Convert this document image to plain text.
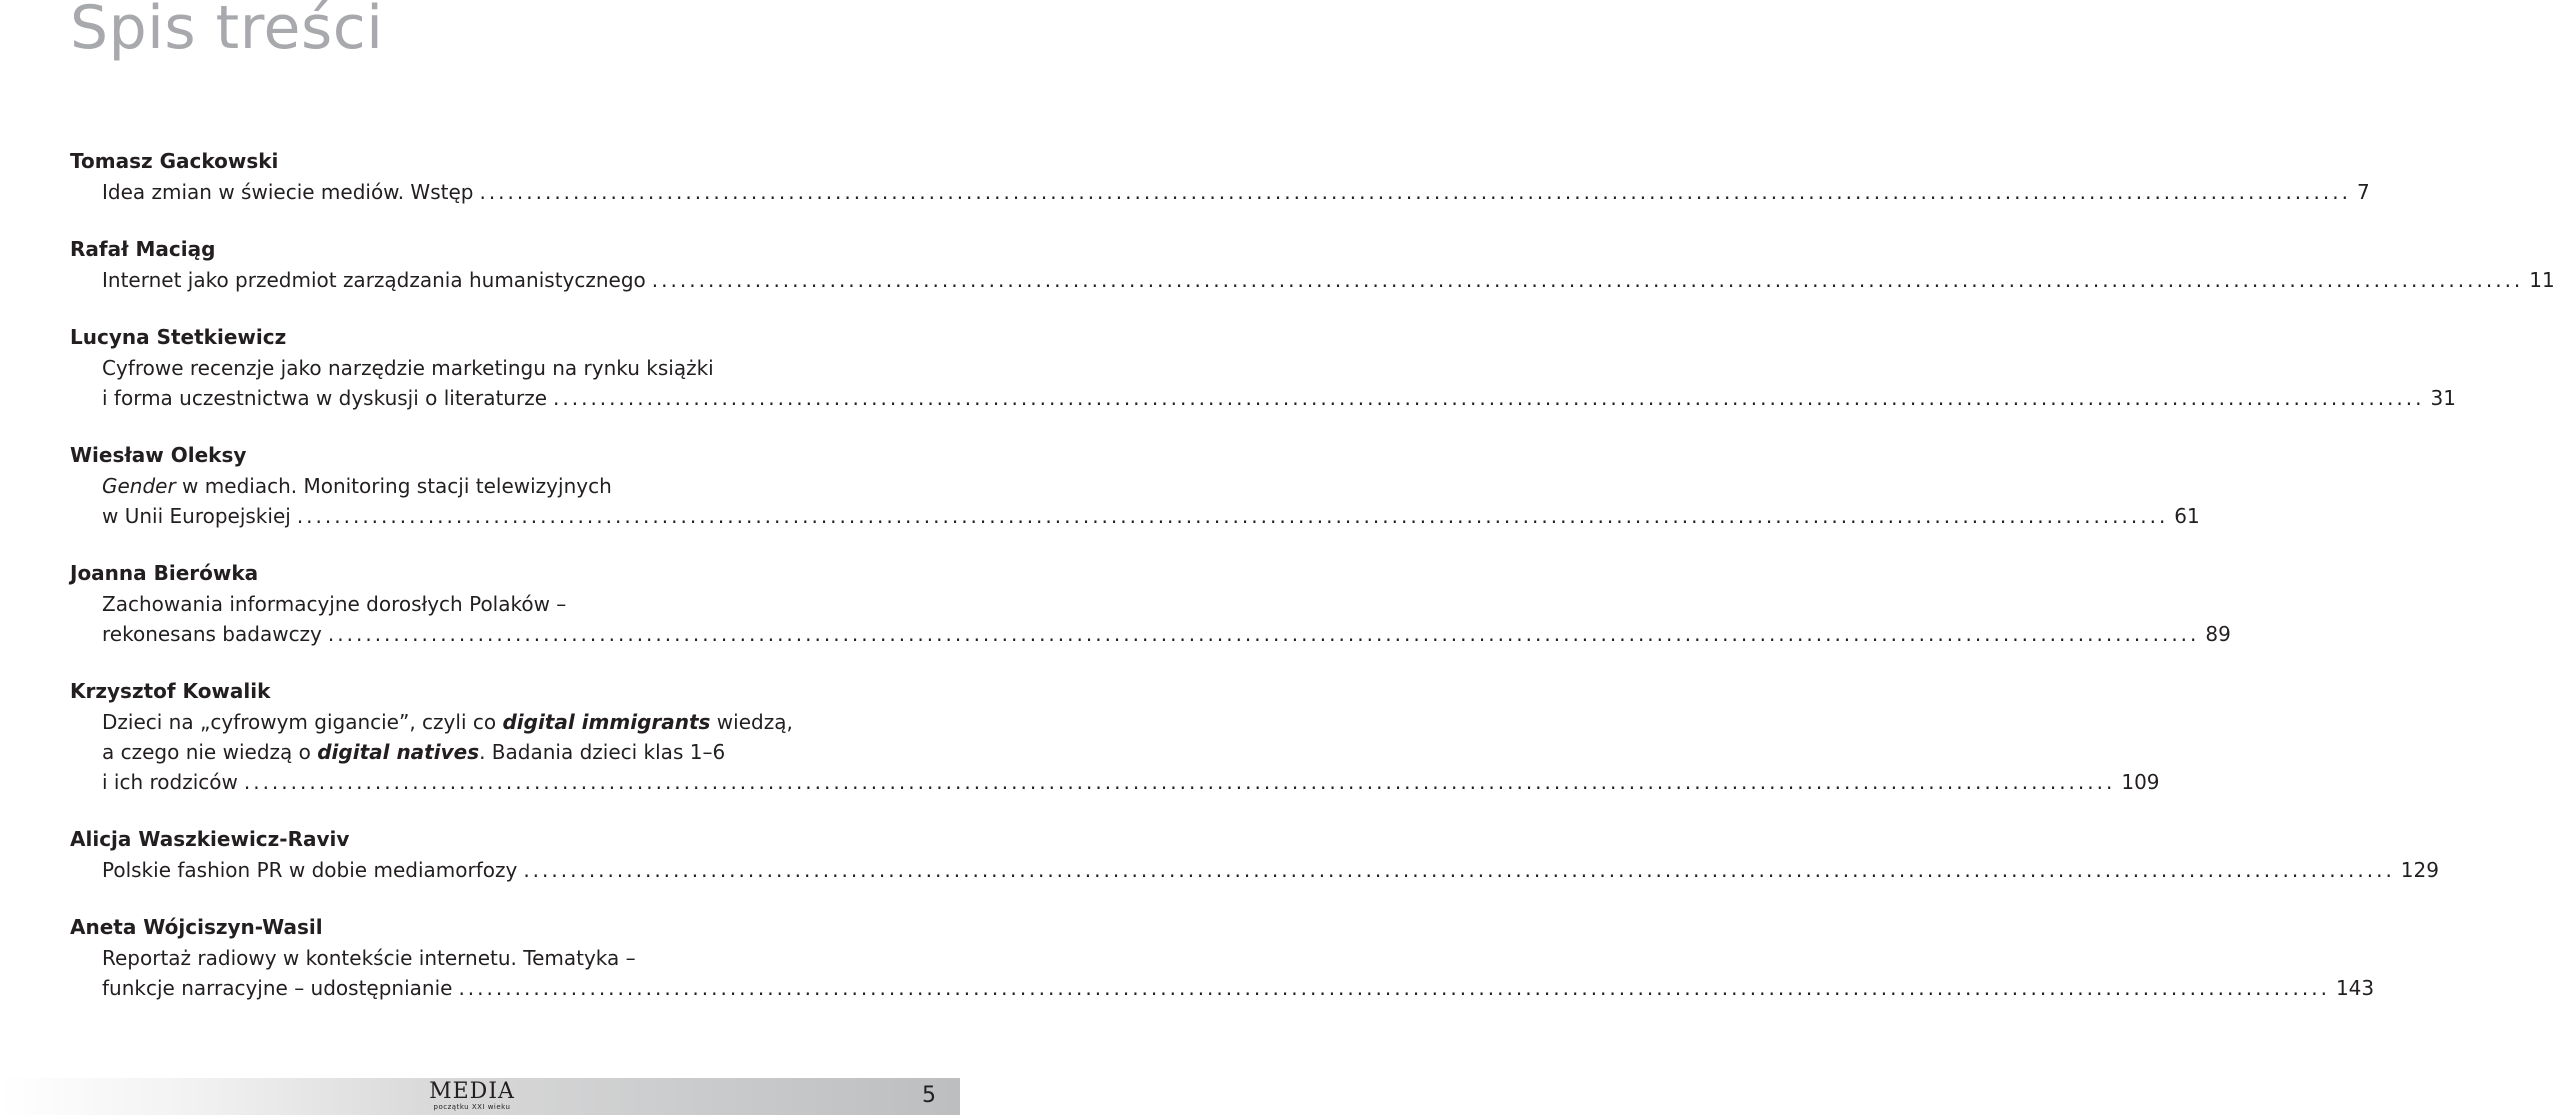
Spis treści
Tomasz Gackowski
Idea zmian w świecie mediów. Wstęp ........................................................................................................................................................................................................ 7
Rafał Maciąg
Internet jako przedmiot zarządzania humanistycznego ........................................................................................................................................................................................................ 11
Lucyna Stetkiewicz
Cyfrowe recenzje jako narzędzie marketingu na rynku książki
i forma uczestnictwa w dyskusji o literaturze ........................................................................................................................................................................................................ 31
Wiesław Oleksy
Gender w mediach. Monitoring stacji telewizyjnych
w Unii Europejskiej ........................................................................................................................................................................................................ 61
Joanna Bierówka
Zachowania informacyjne dorosłych Polaków –
rekonesans badawczy ........................................................................................................................................................................................................ 89
Krzysztof Kowalik
Dzieci na „cyfrowym gigancie”, czyli co digital immigrants wiedzą,
a czego nie wiedzą o digital natives. Badania dzieci klas 1–6
i ich rodziców ........................................................................................................................................................................................................ 109
Alicja Waszkiewicz-Raviv
Polskie fashion PR w dobie mediamorfozy ........................................................................................................................................................................................................ 129
Aneta Wójciszyn-Wasil
Reportaż radiowy w kontekście internetu. Tematyka –
funkcje narracyjne – udostępnianie ........................................................................................................................................................................................................ 143
MEDIA
początku XXI wieku	5
